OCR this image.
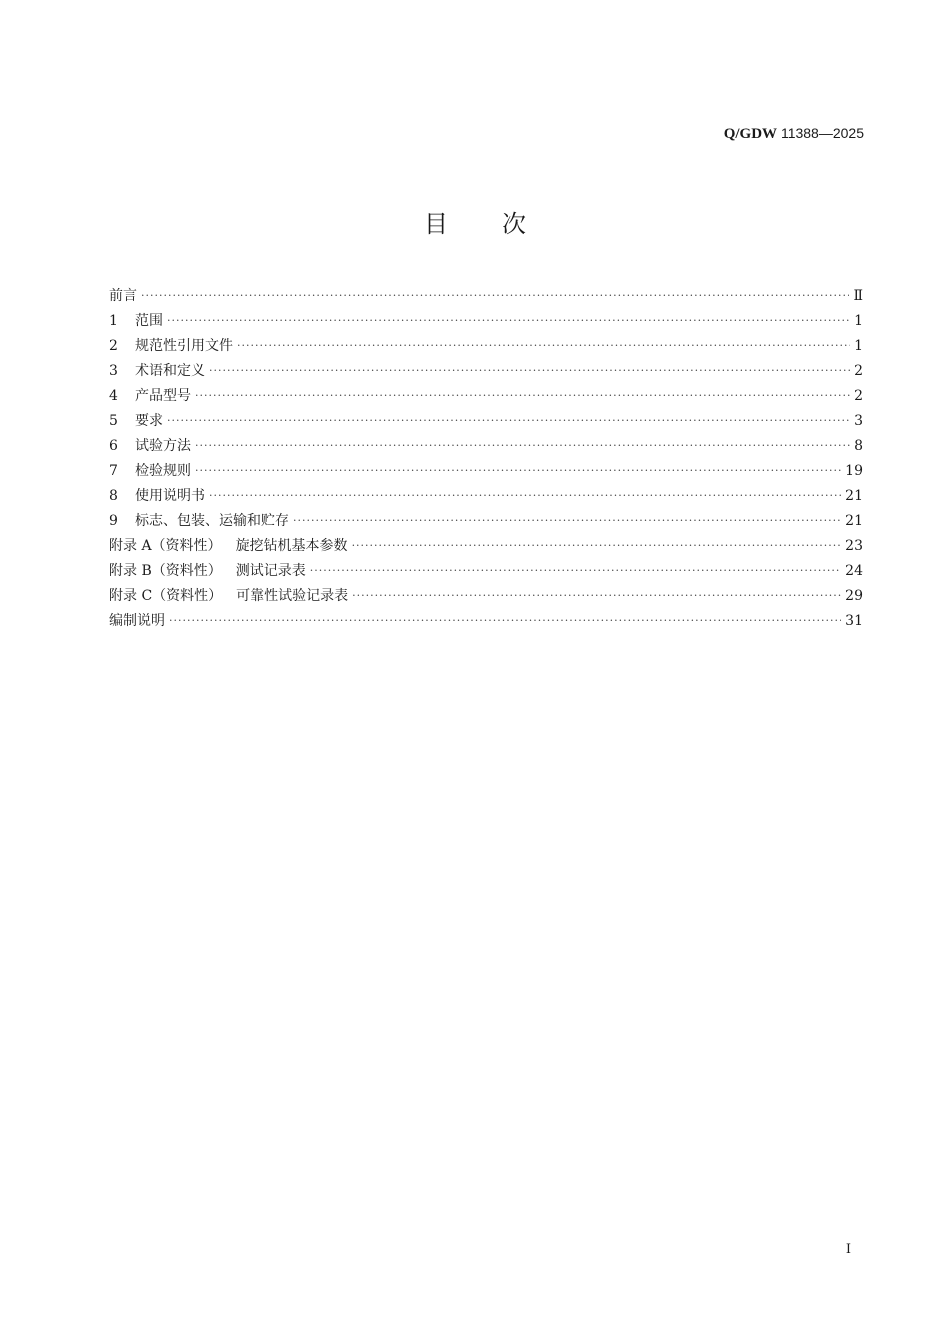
Q/GDW 11388—2025
目 次
前言 ·····	Ⅱ
1	范围 ·····	1
2	规范性引用文件 ·····	1
3	术语和定义 ·····	2
4	产品型号 ·····	2
5	要求 ·····	3
6	试验方法 ·····	8
7	检验规则 ·····	19
8	使用说明书 ·····	21
9	标志、包装、运输和贮存 ·····	21
附录 A（资料性） 旋挖钻机基本参数 ·····	23
附录 B（资料性） 测试记录表 ·····	24
附录 C（资料性） 可靠性试验记录表 ·····	29
编制说明 ·····	31
I
